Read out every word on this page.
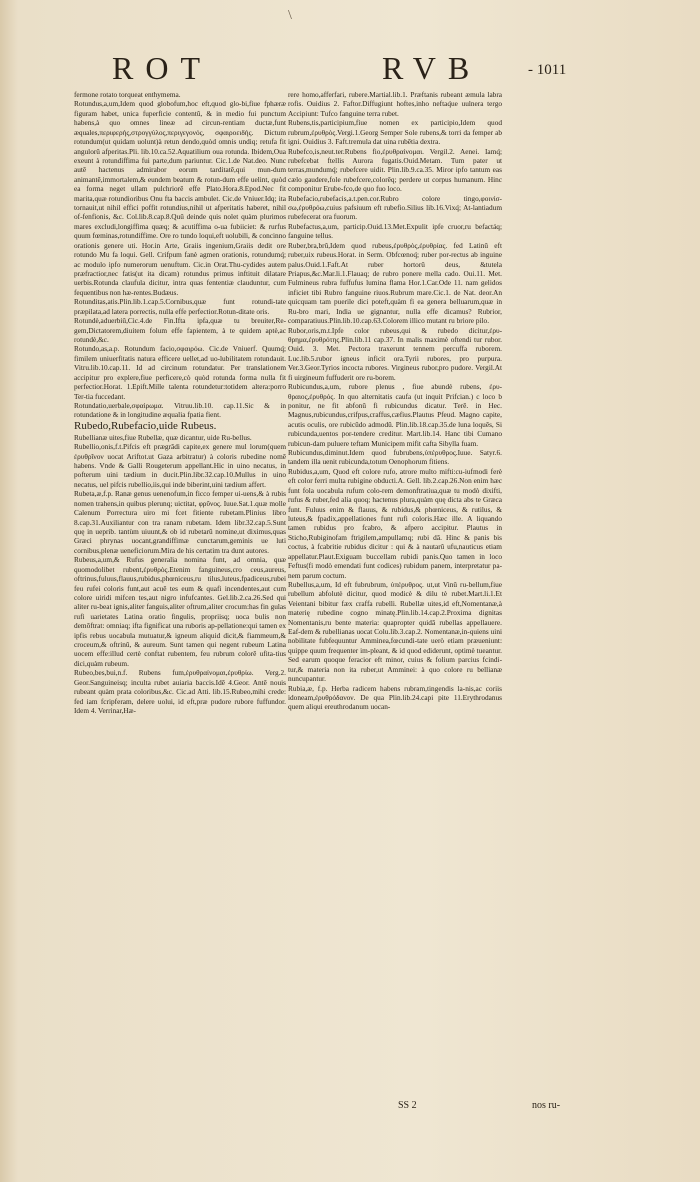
\
ROT	RVB	- 1011

fermone rotato torqueat enthymema.

Rotundus,a,um,Idem quod globofum,hoc eft,quod glo-bi,fiue fphæræ figuram habet, unica fuperficie contentũ, & in medio fui punctum habens,à quo omnes lineæ ad circun-rentiam ductæ,funt æquales,περιφερής,στρογγύλος,περιγεγονός, σφαιροειδής. Dictum rotundum(ut quidam uolunt)à retun dendo,quòd omnis undiq; retufa fit angulorũ afperitas.Pli. lib.10.ca.52.Aquatilium oua rotunda. Ibidem,Oua exeunt à rotundiffima fui parte,dum pariuntur. Cic.1.de Nat.deo. Nunc autē hactenus admirabor eorum tarditatē,qui mun-dum animantē,immortalem,& eundem beatum & rotun-dum effe uelint, quòd ea forma neget ullam pulchriorē effe Plato.Hora.8.Epod.Nec fit marita,quæ rotundioribus Onu fta baccis ambulet. Cic.de Vniuer.Idq; ita tornauit,ut nihil effici poffit rotundius,nihil ut afperitatis haberet, nihil of-fenfionis, &c. Col.lib.8.cap.8.Quũ deinde quis nolet quàm plurimos mares excludi,longiffima quæq; & acutiffima o-ua fubiiciet: & rurfus quum fœminas,rotundiffime. Ore ro tundo loqui,eft uolubili, & concinno orationis genere uti. Hor.in Arte, Graiis ingenium,Graiis dedit ore rotundo Mu fa loqui. Gell. Crifpum fanè agmen orationis, rotundumq́; ac modulo ipfo numerorum uenuftum. Cic.in Orat.Thu-cydides autem præfractior,nec fatis(ut ita dicam) rotundus primus inftituit dilatare uerbis.Rotunda claufula dicitur, intra quas fententiæ clauduntur, cum fequentibus non hæ-rentes.Budæus.

Rotunditas,atis.Plin.lib.1.cap.5.Cornibus,quæ funt rotundi-tate præpilata,ad latera porrectis, nulla effe perfectior.Rotun-ditate oris.

Rotundè,aduerbiũ,Cic.4.de Fin.Ifta ipfa,quæ tu breuiter,Re-gem,Dictatorem,diuitem folum effe fapientem, à te quidem aptè,ac rotundè,&c.

Rotundo,as,a.p. Rotundum facio,σφαιρόω. Cic.de Vniuerf. Quumq́; fimilem uniuerfitatis natura efficere uellet,ad uo-lubilitatem rotundauit. Vitru.lib.10.cap.11. Id ad circinum rotundatur. Per translationem accipitur pro explere,fiue perficere,cò quòd rotunda forma nulla fit perfectior.Horat. 1.Epift.Mille talenta rotundetur:totidem altera:porro Ter-tia fuccedant.

Rotundatio,uerbale,σφαίρωμα. Vitruu.lib.10. cap.11.Sic & in rotundatione & in longitudine æqualia fpatia fient.

Rubedo,Rubefacio,uide Rubeus.

Rubellianæ uites,fiue Rubellæ, quæ dicantur, uide Ru-bellus.

Rubellio,onis,f.t.Pifcis eft prægrādi capite,ex genere mul lorum(quem ἐρυθρῖνον uocat Ariftot.ut Gaza arbitratur) à coloris rubedine nomē habens. Vnde & Galli Rougeterum appellant.Hic in uino necatus, in pofterum uini tædium in ducit.Plin.libr.32.cap.10.Mullus in uino necatus, uel pifcis rubellio,iis,qui inde biberint,uini tædium affert.

Rubeta,æ,f.p. Ranæ genus uenenofum,in ficco femper ui-uens,& à rubis nomen trahens,in quibus plerunq; uictitat, φρῦνος. Iuue.Sat.1.quæ molle Calenum Porrectura uiro mi fcet fitiente rubetam.Plinius libro 8.cap.31.Auxiliantur con tra ranam rubetam. Idem libr.32.cap.5.Sunt quę in ueprib. tantùm uiuunt,& ob id rubetarũ nomine,ut diximus,quas Græci phrynas uocant,grandiffimæ cunctarum,geminis ue luti cornibus,plenæ ueneficiorum.Mira de his certatim tra dunt autores.

Rubeus,a,um,& Rufus generalia nomina funt, ad omnia, quæ quomodolibet rubent,ἐρυθρὸς.Etenim fanguineus,cro ceus,aureus, oftrinus,fuluus,flauus,rubidus,phœniceus,ru tilus,luteus,fpadiceus,rubei feu rufei coloris funt,aut acuē tes eum & quafi incendentes,aut cum colore uiridi mifcen tes,aut nigro infufcantes. Gel.lib.2.ca.26.Sed qui aliter ru-beat ignis,aliter fanguis,aliter oftrum,aliter crocum:has fin gulas rufi uarietates Latina oratio fingulis, propriisq; uoca bulis non demōftrat: omniaq; ifta fignificat una ruboris ap-pellatione:qui tamen ex ipfis rebus uocabula mutuatur,& igneum aliquid dicit,& fiammeum,& croceum,& oftrinũ, & aureum. Sunt tamen qui negent rubeum Latina uocem effe:illud certè conftat rubentem, feu rubrum colorē ufita-tius dici,quàm rubeum.

Rubeo,bes,bui,n.f. Rubens fum,ἐρυθραίνομαι,ἐρυθρίω. Verg.2. Geor.Sanguineisq; inculta rubet auiaria baccis.Idē 4.Geor. Antē nouis rubeant quàm prata coloribus,&c. Cic.ad Atti. lib.15.Rubeo,mihi crede: fed iam fcripferam, delere uolui, id eft,præ pudore rubore fuffundor. Idem 4. Verrinar,Hæ-

rere homo,afferfari, rubere.Martial.lib.1. Præftanis rubeant æmula labra rofis. Ouidius 2. Faftor.Diffugiunt hoftes,inho neftaq́ue uulnera tergo Accipiunt: Tufco fanguine terra rubet.

Rubens,tis,participium,fiue nomen ex participio,Idem quod rubrum,ἐρυθρὸς.Vergi.1.Georg Semper Sole rubens,& torri da femper ab igni. Ouidius 3. Faft.tremula dat uina rubētia dextra.

Rubefco,is,neut.ter.Rubens fio,ἐρυθραίνομαι. Vergil.2. Aenei. Iamq́; rubefcebat ftellis Aurora fugatis.Ouid.Metam. Tum pater ut terras,mundumq́; rubefcere uidit. Plin.lib.9.ca.35. Miror ipfo tantum eas cælo gaudere,fole rubefcere,colorēq; perdere ut corpus humanum. Hinc componitur Erube-fco,de quo fuo loco.

Rubefacio,rubefacis,a.t.pen.cor.Rubro colore tingo,φοινίσ-σω,ἐρυθρόω,cuius pafsiuum eft rubefio.Silius lib.16.Vixq́; At-lantiadum rubefecerat ora fuorum.

Rubefactus,a,um, particip.Ouid.13.Met.Expulit ipfe cruor,ru befactáq; fanguine tellus.

Ruber,bra,brũ,Idem quod rubeus,ἐρυθρὸς,ἐρυθρίας. fed Latinũ eft ruber,uix rubeus.Horat. in Serm. Obfcœnoq́; ruber por-rectus ab inguine palus.Ouid.1.Faft.At ruber hortorũ deus, &tutela Priapus,&c.Mar.li.1.Flauaq; de rubro ponere mella cado. Oui.11. Met. Fulmineus rubra fuffufus lumina flama Hor.1.Car.Ode 11. nam gelidos inficiet tibi Rubro fanguine riuos.Rubrum mare.Cic.1. de Nat. deor.An quicquam tam puerile dici poteft,quàm fi ea genera belluarum,quæ in Ru-bro mari, India ue gignantur, nulla effe dicamus? Rubrior, comparatiuus.Plin.lib.10.cap.63.Colorem illico mutant ru briore pilo.

Rubor,oris,m.t.Ipfe color rubeus,qui & rubedo dicitur,ἐρυ-θρημα,ἐρυθρότης.Plin.lib.11 cap.37. In malis maximè oftendi tur rubor. Ouid. 3. Met. Pectora traxerunt tennem percuffa ruborem. Luc.lib.5.rubor igneus inficit ora.Tyrii rubores, pro purpura. Ver.3.Geor.Tyrios incocta rubores. Virgineus rubor,pro pudore. Vergil.At fi uirgineum fuffuderit ore ru-borem.

Rubicundus,a,um, rubore plenus , fiue abundè rubens, ἐρυ-θραιος,ἐρυθρός. In quo alternitatis caufa (ut inquit Prifcian.) c loco b ponitur, ne fit abfonũ fi rubicundus dicatur. Terē. in Hec. Magnus,rubicundus,crifpus,craffus,cæfius.Plautus Pfeud. Magno capite, acutis oculis, ore rubicūdo admodũ. Plin.lib.18.cap.35.de luna loquēs, Si rubicunda,uentos por-tendere creditur. Mart.lib.14. Hanc tibi Cumano rubicun-dam puluere teftam Municipem mifit cafta Sibylla fuam.

Rubicundus,diminut.Idem quod fubrubens,ὑπέρυθρος.Iuue. Satyr.6. tandem illa uenit rubicunda,totum Oenophorum fitiens.

Rubidus,a,um, Quod eft colore rufo, atrore multo mifti:cu-iufmodi ferè eft color ferri multa rubigine obducti.A. Gell. lib.2.cap.26.Non enim hæc funt fola uocabula rufum colo-rem demonftratiua,quæ tu modò dixifti, rufus & ruber,fed alia quoq; hactenus plura,quàm quę dicta abs te Græca funt. Fuluus enim & flauus, & rubidus,& phœniceus, & rutilus, & luteus,& fpadix,appellationes funt rufi coloris.Hæc ille. A liquando tamen rubidus pro fcabro, & afpero accipitur. Plautus in Sticho,Rubiginofam ftrigilem,ampullamq; rubi dā. Hinc & panis bis coctus, à fcabritie rubidus dicitur : qui & à nautarũ ufu,nauticus etiam appellatur.Plaut.Exiguam buccellam rubidi panis.Quo tamen in loco Feftus(fi modò emendati funt codices) rubidum panem, interpretatur pa-nem parum coctum.

Rubellus,a,um, Id eft fubrubrum, ὑπέρυθρος. ut,ut Vinũ ru-bellum,fiue rubellum abfolutè dicitur, quod modicè & dilu tè rubet.Mart.li.1.Et Veientani bibitur fæx craffa rubelli. Rubellæ uites,id eft,Nomentanæ,à materię rubedine cogno minatę.Plin.lib.14.cap.2.Proxima dignitas Nomentanis,ru bente materia: quapropter quidā rubellas appellauere. Eaf-dem & rubellianas uocat Colu.lib.3.cap.2. Nomentanæ,in-quiens uini nobilitate fubfequuntur Amminea,fœcundi-tate uerò etiam præueniunt: quippe quum frequenter im-pleant, & id quod ediderunt, optimè tueantur. Sed earum quoque feracior eft minor, cuius & folium parcius fcindi-tur,& materia non ita ruber,ut Amminei: à quo colore ru bellianæ nuncupantur.

Rubia,æ, f.p. Herba radicem habens rubram,tingendis la-nis,ac coriis idoneam,ἐρυθρόδανον. De qua Plin.lib.24.capi pite 11.Erythrodanus quem aliqui ereuthrodanum uocan-

SS 2	nos ru-
